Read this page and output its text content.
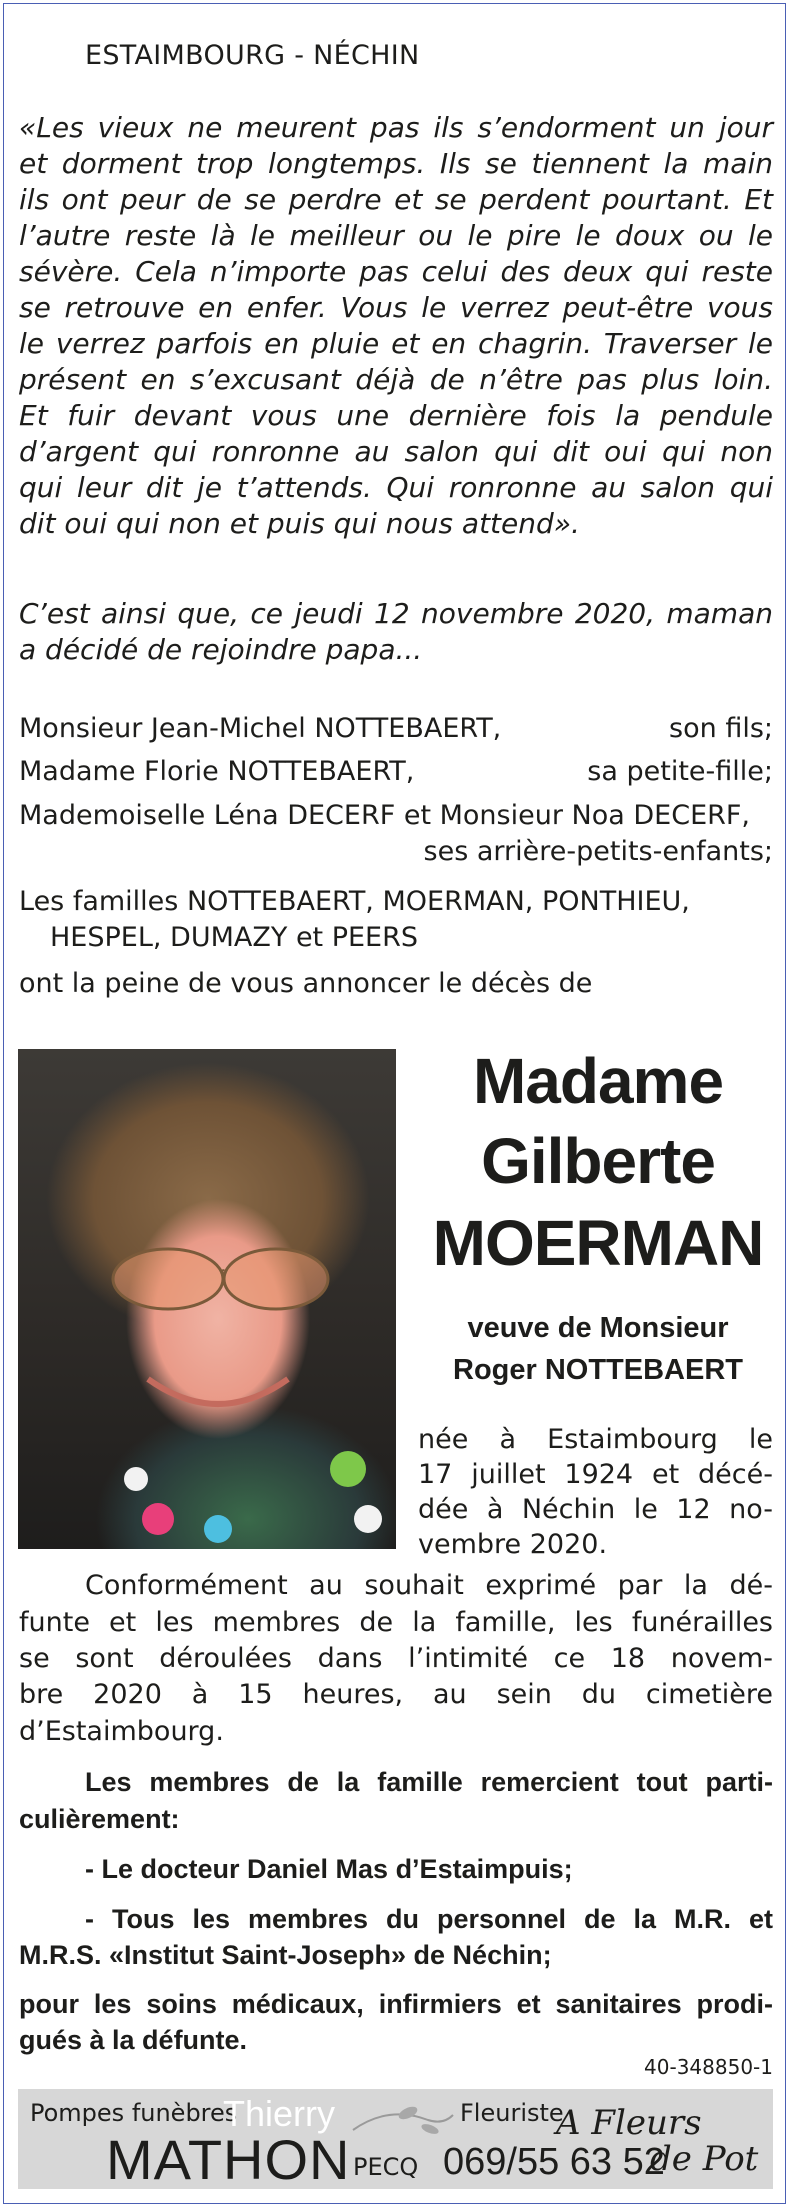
ESTAIMBOURG - NÉCHIN
«Les vieux ne meurent pas ils s’endorment un jour
et dorment trop longtemps. Ils se tiennent la main
ils ont peur de se perdre et se perdent pourtant. Et
l’autre reste là le meilleur ou le pire le doux ou le
sévère. Cela n’importe pas celui des deux qui reste
se retrouve en enfer. Vous le verrez peut-être vous
le verrez parfois en pluie et en chagrin. Traverser le
présent en s’excusant déjà de n’être pas plus loin.
Et fuir devant vous une dernière fois la pendule
d’argent qui ronronne au salon qui dit oui qui non
qui leur dit je t’attends. Qui ronronne au salon qui
dit oui qui non et puis qui nous attend».
C’est ainsi que, ce jeudi 12 novembre 2020, maman
a décidé de rejoindre papa...
Monsieur Jean-Michel NOTTEBAERT,	son fils;
Madame Florie NOTTEBAERT,	sa petite-fille;
Mademoiselle Léna DECERF et Monsieur Noa DECERF,
ses arrière-petits-enfants;
Les familles NOTTEBAERT, MOERMAN, PONTHIEU,
HESPEL, DUMAZY et PEERS
ont la peine de vous annoncer le décès de
Madame
Gilberte
MOERMAN
veuve de Monsieur
Roger NOTTEBAERT
née à Estaimbourg le
17 juillet 1924 et décé-
dée à Néchin le 12 no-
vembre 2020.
Conformément au souhait exprimé par la dé-
funte et les membres de la famille, les funérailles
se sont déroulées dans l’intimité ce 18 novem-
bre 2020 à 15 heures, au sein du cimetière
d’Estaimbourg.
Les membres de la famille remercient tout parti-
culièrement:
- Le docteur Daniel Mas d’Estaimpuis;
- Tous les membres du personnel de la M.R. et
M.R.S. «Institut Saint-Joseph» de Néchin;
pour les soins médicaux, infirmiers et sanitaires prodi-
gués à la défunte.
40-348850-1
Pompes funèbres
Thierry
MATHON PECQ
Fleuriste
069/55 63 52
A Fleurs
de Pot
